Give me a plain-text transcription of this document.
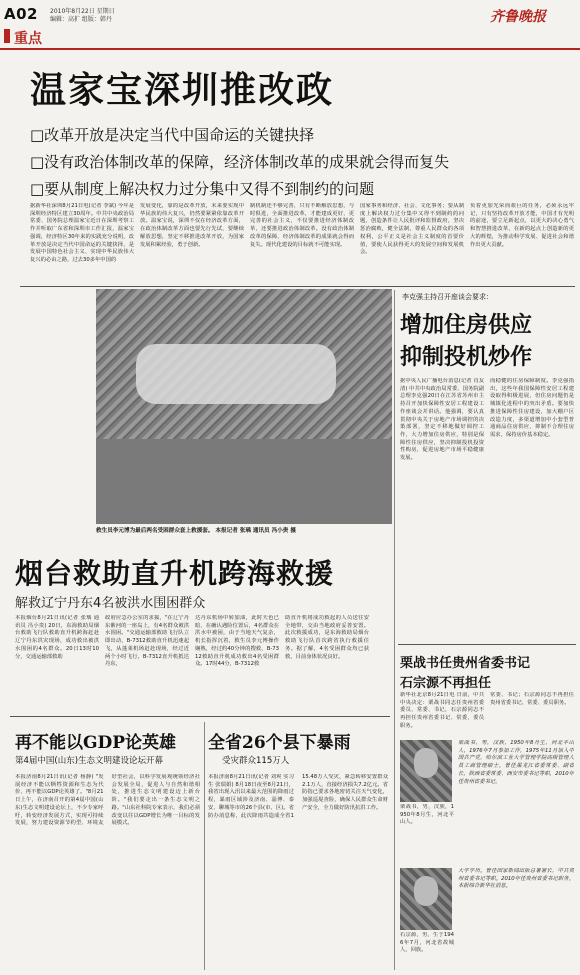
A02 2010年8月22日 星期日
编辑：高扩 组版：韩丹	齐鲁晚报
重点
温家宝深圳推改政
□改革开放是决定当代中国命运的关键抉择
□没有政治体制改革的保障，经济体制改革的成果就会得而复失
□要从制度上解决权力过分集中又得不到制约的问题
据新华社深圳8月21日电(记者 李斌) 今年是深圳经济特区建立30周年。中共中央政治局常委、国务院总理温家宝近日在深圳考察工作并听取广东省和深圳市工作汇报，温家宝强调，经济特区30年来的实践充分说明，改革开放是决定当代中国命运的关键抉择，是发展中国特色社会主义、实现中华民族伟大复兴的必由之路，过去30多年中国的
发展变化，靠的是改革开放，未来要实现中华民族的伟大复兴，仍然要紧紧依靠改革开放。温家宝说，深圳不仅在经济改革方面，在政治体制改革方面也要先行先试，要继续解放思想，坚定不移推进改革开放，为国家发展积累经验，勇于创新。
制机制还不够完善，只有不断解放思想，与时俱进，全面推进改革，才能建成更好、更完善的社会主义，不仅要推进经济体制改革，还要推进政治体制改革。没有政治体制改革的保障，经济体制改革的成果就会得而复失。现代化建设的目标就不可能实现。
国家事务和经济、社会、文化事务；要从制度上解决权力过分集中又得不到制约的问题，创造条件让人民批评和监督政府，坚决惩治腐败，健全法制，尊重人民群众的各项权利，公平正义是社会主义制度的首要价值，要使人民获得更大的发展空间和发展机会。
负着更加光荣而艰巨的任务，必须永远牢记，只有坚持改革开放才能，中国才有光明的前途，要立足新起点，以更大的决心勇气和智慧推进改革，在新的起点上创造新的更大的辉煌，为推动科学发展、促进社会和谐作出更大贡献。
救生员李元博为最后两名受困群众套上救援套。 本报记者 张瑀 通讯员 冯小贵 摄
烟台救助直升机跨海救援
解救辽宁丹东4名被洪水围困群众
本报烟台8月21日讯(记者 张瑀 通讯员 冯小贵) 20日，东海救助局烟台救助飞行队救助直升机跨海赶赴辽宁丹东洪灾现场，成功救出被洪水围困的4名群众。20日13时10分，交通运输部救助
政府应急办公室的求援，"在辽宁丹东紫河的一座岛上，有4名群众被洪水围困。"交通运输部救助飞行队立即出动，B-7312救助直升机迅速起飞，从蓬莱机场赶赴现场，经过近两个小时飞行，B-7312直升机抵达丹东，
达丹东机场中转加油，此时天色已暗，在确认遇险位置后，4名群众在洪水中被困，由于当地天气复杂，机长指挥沉着，救生员李元博操作娴熟，经过约40分钟的搜救，B-7312救助直升机成功救出4名受困群众。17时44分，B-7312救
助直升机将成功救起的人员送往安全地带，交由当地政府妥善安置。此次救援成功，是东海救助局烟台救助飞行队首次跨省执行救援任务。据了解，4名受困群众均已获救，目前身体状况良好。
再不能以GDP论英雄
第4届中国(山东)生态文明建设论坛开幕
本报济南8月21日讯(记者 杨静) "发展经济不能以牺牲资源和生态为代价，再不能以GDP论英雄了。"8月21日上午，在济南召开的第4届中国(山东)生态文明建设论坛上，不少专家呼吁，转变经济发展方式，实现可持续发展，努力建设资源节约型、环境友好型社会，以科学发展观统领经济社会发展全局，促进人与自然和谐相处，推进生态文明建设迈上新台阶。"我们要走出一条生态文明之路。"山东社科院专家表示，我们必须改变以往以GDP增长为唯一目标的发展模式。
全省26个县下暴雨
受灾群众115万人
本报济南8月21日讯(记者 刘爽 实习生 张瑞娟) 8月18日夜至8月21日，我省出现入汛以来最大范围的降雨过程，暴雨区域涉及济南、淄博、泰安、聊城等市的26个县(市、区)。省防办消息称，此次降雨共造成全省115.48万人受灾，紧急转移安置群众2.1万人，直接经济损失7.2亿元。省防指已要求各地密切关注天气变化，加强巡堤查险，确保人民群众生命财产安全，全力做好防汛抗洪工作。
李克强主持召开座谈会要求：
增加住房供应
抑制投机炒作
据中央人民广播电台消息(记者 肖友清) 中共中央政治局常委、国务院副总理李克强20日在江苏省苏州市主持召开加快保障性安居工程建设工作座谈会并讲话。他强调，要认真贯彻中央关于房地产市场调控的决策部署，坚定不移地做好调控工作，大力增加住房供应，特别是保障性住房供应，坚决抑制投机投资性购房，促进房地产市场平稳健康发展。
而稳健的住房保障制度。李克强指出，这些年我国保障性安居工程建设取得积极进展，但住房问题仍是城镇化进程中的突出矛盾。要加快推进保障性住房建设，加大棚户区改造力度，多渠道增加中小套型普通商品住房供应，抑制不合理住房需求，保持房价基本稳定。
栗战书任贵州省委书记
石宗源不再担任
新华社北京8月21日电 日前，中共中央决定：栗战书同志任贵州省委委员、常委、书记，石宗源同志不再担任贵州省委书记、常委、委员职务。
常委、书记；石宗源同志不再担任贵州省委书记、常委、委员职务。
栗战书，男，汉族，1950年8月生，河北平山人。
栗战书，男，汉族，1950年8月生，河北平山人，1976年7月参加工作，1975年11月加入中国共产党，哈尔滨工业大学管理学院高级管理人员工商管理硕士。曾任黑龙江省委常委、副省长，陕西省委常委、西安市委书记等职，2010年任贵州省委书记。
石宗源，男，生于1946年7月，河北省故城人，回族。
大学学历。曾任国家新闻出版总署署长，中共贵州省委书记等职。2010年任贵州省委书记职务。本报综合新华社消息。
